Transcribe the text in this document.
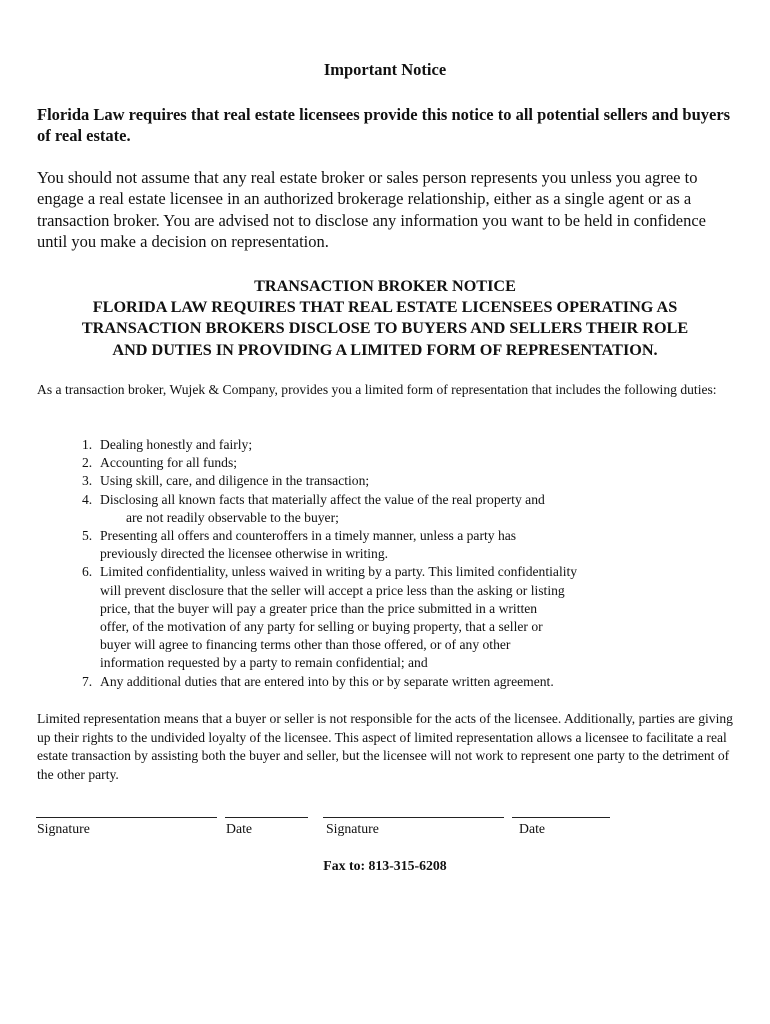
Important Notice
Florida Law requires that real estate licensees provide this notice to all potential sellers and buyers of real estate.
You should not assume that any real estate broker or sales person represents you unless you agree to engage a real estate licensee in an authorized brokerage relationship, either as a single agent or as a transaction broker. You are advised not to disclose any information you want to be held in confidence until you make a decision on representation.
TRANSACTION BROKER NOTICE
FLORIDA LAW REQUIRES THAT REAL ESTATE LICENSEES OPERATING AS
TRANSACTION BROKERS DISCLOSE TO BUYERS AND SELLERS THEIR ROLE
AND DUTIES IN PROVIDING A LIMITED FORM OF REPRESENTATION.
As a transaction broker, Wujek & Company, provides you a limited form of representation that includes the following duties:
1. Dealing honestly and fairly;
2. Accounting for all funds;
3. Using skill, care, and diligence in the transaction;
4. Disclosing all known facts that materially affect the value of the real property and
are not readily observable to the buyer;
5. Presenting all offers and counteroffers in a timely manner, unless a party has
previously directed the licensee otherwise in writing.
6. Limited confidentiality, unless waived in writing by a party. This limited confidentiality
will prevent disclosure that the seller will accept a price less than the asking or listing
price, that the buyer will pay a greater price than the price submitted in a written
offer, of the motivation of any party for selling or buying property, that a seller or
buyer will agree to financing terms other than those offered, or of any other
information requested by a party to remain confidential; and
7. Any additional duties that are entered into by this or by separate written agreement.
Limited representation means that a buyer or seller is not responsible for the acts of the licensee. Additionally, parties are giving up their rights to the undivided loyalty of the licensee. This aspect of limited representation allows a licensee to facilitate a real estate transaction by assisting both the buyer and seller, but the licensee will not work to represent one party to the detriment of the other party.
Signature	Date	Signature	Date
Fax to: 813-315-6208
